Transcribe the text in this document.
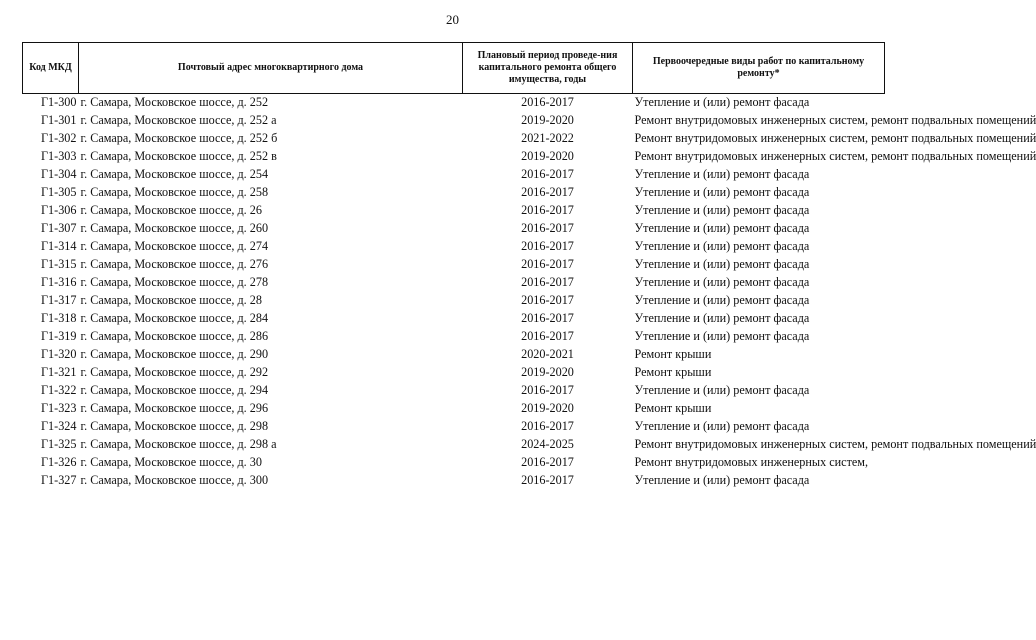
20
Код МКД	Почтовый адрес многоквартирного дома	Плановый период проведе-ния капитального ремонта общего имущества, годы	Первоочередные виды работ по капитальному ремонту*
Г1-300	г. Самара, Московское шоссе, д. 252	2016-2017	Утепление и (или) ремонт фасада
Г1-301	г. Самара, Московское шоссе, д. 252 а	2019-2020	Ремонт внутридомовых инженерных систем, ремонт подвальных помещений
Г1-302	г. Самара, Московское шоссе, д. 252 б	2021-2022	Ремонт внутридомовых инженерных систем, ремонт подвальных помещений
Г1-303	г. Самара, Московское шоссе, д. 252 в	2019-2020	Ремонт внутридомовых инженерных систем, ремонт подвальных помещений
Г1-304	г. Самара, Московское шоссе, д. 254	2016-2017	Утепление и (или) ремонт фасада
Г1-305	г. Самара, Московское шоссе, д. 258	2016-2017	Утепление и (или) ремонт фасада
Г1-306	г. Самара, Московское шоссе, д. 26	2016-2017	Утепление и (или) ремонт фасада
Г1-307	г. Самара, Московское шоссе, д. 260	2016-2017	Утепление и (или) ремонт фасада
Г1-314	г. Самара, Московское шоссе, д. 274	2016-2017	Утепление и (или) ремонт фасада
Г1-315	г. Самара, Московское шоссе, д. 276	2016-2017	Утепление и (или) ремонт фасада
Г1-316	г. Самара, Московское шоссе, д. 278	2016-2017	Утепление и (или) ремонт фасада
Г1-317	г. Самара, Московское шоссе, д. 28	2016-2017	Утепление и (или) ремонт фасада
Г1-318	г. Самара, Московское шоссе, д. 284	2016-2017	Утепление и (или) ремонт фасада
Г1-319	г. Самара, Московское шоссе, д. 286	2016-2017	Утепление и (или) ремонт фасада
Г1-320	г. Самара, Московское шоссе, д. 290	2020-2021	Ремонт крыши
Г1-321	г. Самара, Московское шоссе, д. 292	2019-2020	Ремонт крыши
Г1-322	г. Самара, Московское шоссе, д. 294	2016-2017	Утепление и (или) ремонт фасада
Г1-323	г. Самара, Московское шоссе, д. 296	2019-2020	Ремонт крыши
Г1-324	г. Самара, Московское шоссе, д. 298	2016-2017	Утепление и (или) ремонт фасада
Г1-325	г. Самара, Московское шоссе, д. 298 а	2024-2025	Ремонт внутридомовых инженерных систем, ремонт подвальных помещений
Г1-326	г. Самара, Московское шоссе, д. 30	2016-2017	Ремонт внутридомовых инженерных систем,
Г1-327	г. Самара, Московское шоссе, д. 300	2016-2017	Утепление и (или) ремонт фасада
